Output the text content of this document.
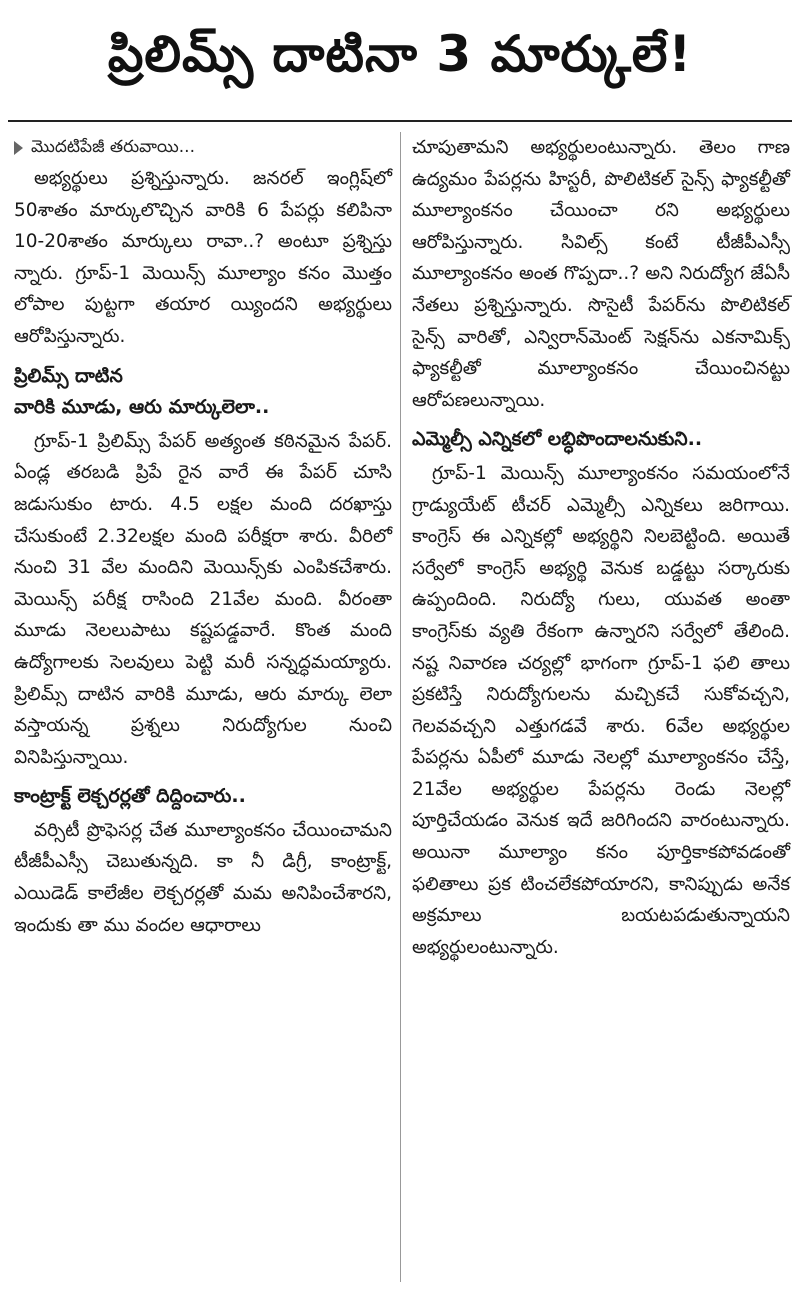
ప్రిలిమ్స్ దాటినా 3 మార్కులే!
మొదటిపేజీ తరువాయి...

అభ్యర్థులు ప్రశ్నిస్తున్నారు. జనరల్ ఇంగ్లిష్‌లో 50శాతం మార్కులొచ్చిన వారికి 6 పేపర్లు కలిపినా 10-20శాతం మార్కులు రావా..? అంటూ ప్రశ్నిస్తు న్నారు. గ్రూప్-1 మెయిన్స్ మూల్యాం కనం మొత్తం లోపాల పుట్టగా తయార య్యిందని అభ్యర్థులు ఆరోపిస్తున్నారు.

ప్రిలిమ్స్ దాటిన
వారికి మూడు, ఆరు మార్కులెలా..

గ్రూప్-1 ప్రిలిమ్స్ పేపర్ అత్యంత కఠినమైన పేపర్. ఏండ్ల తరబడి ప్రిపే రైన వారే ఈ పేపర్ చూసి జడుసుకుం టారు. 4.5 లక్షల మంది దరఖాస్తు చేసుకుంటే 2.32లక్షల మంది పరీక్షరా శారు. వీరిలో నుంచి 31 వేల మందిని మెయిన్స్‌కు ఎంపికచేశారు. మెయిన్స్ పరీక్ష రాసింది 21వేల మంది. వీరంతా మూడు నెలలుపాటు కష్టపడ్డవారే. కొంత మంది ఉద్యోగాలకు సెలవులు పెట్టి మరీ సన్నద్ధమయ్యారు. ప్రిలిమ్స్ దాటిన వారికి మూడు, ఆరు మార్కు లెలా వస్తాయన్న ప్రశ్నలు నిరుద్యోగుల నుంచి వినిపిస్తున్నాయి.

కాంట్రాక్ట్ లెక్చరర్లతో దిద్దించారు..

వర్సిటీ ప్రొఫెసర్ల చేత మూల్యాంకనం చేయించామని టీజీపీఎస్సీ చెబుతున్నది. కా నీ డిగ్రీ, కాంట్రాక్ట్, ఎయిడెడ్ కాలేజీల లెక్చరర్లతో మమ అనిపించేశారని, ఇందుకు తా ము వందల ఆధారాలు

చూపుతామని అభ్యర్థులంటున్నారు. తెలం గాణ ఉద్యమం పేపర్లను హిస్టరీ, పొలిటికల్ సైన్స్ ఫ్యాకల్టీతో మూల్యాంకనం చేయించా రని అభ్యర్థులు ఆరోపిస్తున్నారు. సివిల్స్ కంటే టీజీపీఎస్సీ మూల్యాంకనం అంత గొప్పదా..? అని నిరుద్యోగ జేఏసీ నేతలు ప్రశ్నిస్తున్నారు. సొసైటీ పేపర్‌ను పొలిటికల్ సైన్స్ వారితో, ఎన్విరాన్‌మెంట్ సెక్షన్‌ను ఎకనామిక్స్ ఫ్యాకల్టీతో మూల్యాంకనం చేయించినట్టు ఆరోపణలున్నాయి.

ఎమ్మెల్సీ ఎన్నికలో లబ్ధిపొందాలనుకుని..

గ్రూప్-1 మెయిన్స్ మూల్యాంకనం సమయంలోనే గ్రాడ్యుయేట్ టీచర్ ఎమ్మెల్సీ ఎన్నికలు జరిగాయి. కాంగ్రెస్ ఈ ఎన్నికల్లో అభ్యర్థిని నిలబెట్టింది. అయితే సర్వేలో కాంగ్రెస్ అభ్యర్థి వెనుక బడ్డట్టు సర్కారుకు ఉప్పందింది. నిరుద్యో గులు, యువత అంతా కాంగ్రెస్‌కు వ్యతి రేకంగా ఉన్నారని సర్వేలో తేలింది. నష్ట నివారణ చర్యల్లో భాగంగా గ్రూప్-1 ఫలి తాలు ప్రకటిస్తే నిరుద్యోగులను మచ్చికచే సుకోవచ్చని, గెలవవచ్చని ఎత్తుగడవే శారు. 6వేల అభ్యర్థుల పేపర్లను ఏపీలో మూడు నెలల్లో మూల్యాంకనం చేస్తే, 21వేల అభ్యర్థుల పేపర్లను రెండు నెలల్లో పూర్తిచేయడం వెనుక ఇదే జరిగిందని వారంటున్నారు. అయినా మూల్యాం కనం పూర్తికాకపోవడంతో ఫలితాలు ప్రక టించలేకపోయారని, కానిప్పుడు అనేక అక్రమాలు బయటపడుతున్నాయని అభ్యర్థులంటున్నారు.
